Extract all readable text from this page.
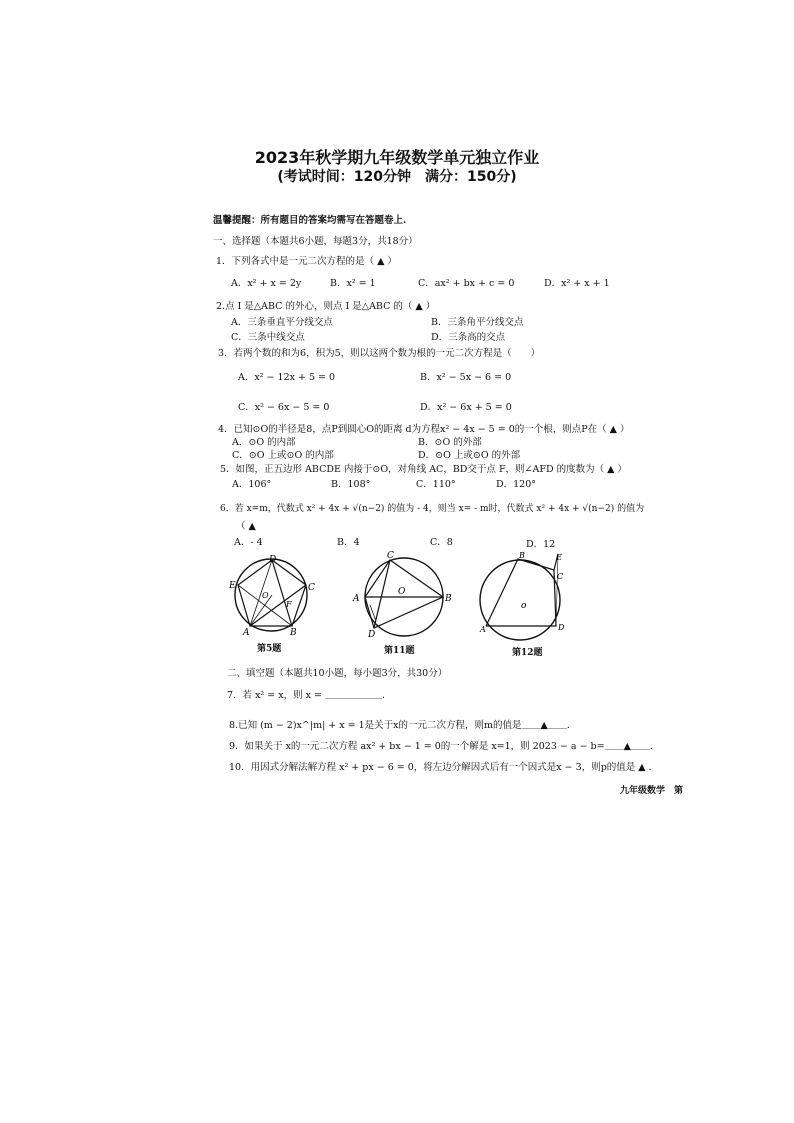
2023年秋学期九年级数学单元独立作业
(考试时间：120分钟　满分：150分)
温馨提醒：所有题目的答案均需写在答题卷上.
一、选择题（本题共6小题，每题3分，共18分）
1．下列各式中是一元二次方程的是（ ▲ ）
A．x² + x = 2y	B．x² = 1	C．ax² + bx + c = 0	D．x² + x + 1
2.点 I 是△ABC 的外心，则点 I 是△ABC 的（ ▲ ）
A．三条垂直平分线交点	B．三条角平分线交点
C．三条中线交点	D．三条高的交点
3．若两个数的和为6，积为5，则以这两个数为根的一元二次方程是（　　）
A．x² − 12x + 5 = 0	B．x² − 5x − 6 = 0
C．x² − 6x − 5 = 0	D．x² − 6x + 5 = 0
4．已知⊙O的半径是8，点P到圆心O的距离 d为方程x² − 4x − 5 = 0的一个根，则点P在（ ▲ ）
A．⊙O 的内部	B．⊙O 的外部
C．⊙O 上或⊙O 的内部	D．⊙O 上或⊙O 的外部
5．如图，正五边形 ABCDE 内接于⊙O，对角线 AC，BD交于点 F，则∠AFD 的度数为（ ▲ ）
A．106°	B．108°	C．110°	D．120°
6．若 x=m，代数式 x² + 4x + √(n−2) 的值为 - 4，则当 x= - m时，代数式 x² + 4x + √(n−2) 的值为
（ ▲
A．- 4	B．4	C．8	D．12
D
E	C
O
F
A	B
第5题
C
A
O
B
D
第11题
B	E
C
o
A	D
第12题
二、填空题（本题共10小题，每小题3分，共30分）
7．若 x² = x，则 x = ＿＿＿＿＿＿．
8.已知 (m − 2)x^|m| + x = 1是关于x的一元二次方程，则m的值是＿＿▲＿＿．
9．如果关于 x的一元二次方程 ax² + bx − 1 = 0的一个解是 x=1，则 2023 − a − b=＿＿▲＿＿．
10．用因式分解法解方程 x² + px − 6 = 0，将左边分解因式后有一个因式是x − 3，则p的值是 ▲ ．
九年级数学　第
